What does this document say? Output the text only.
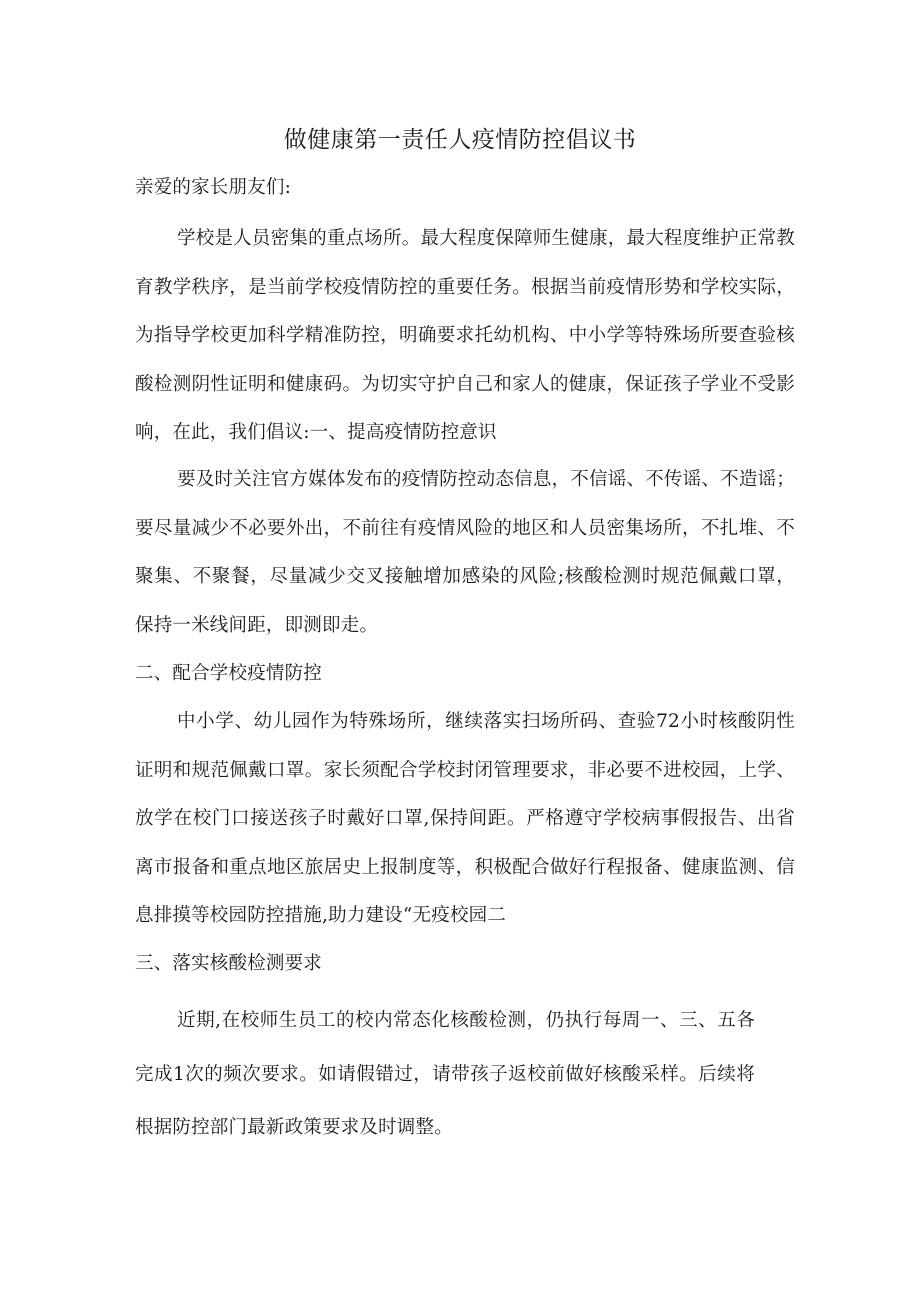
做健康第一责任人疫情防控倡议书

亲爱的家长朋友们:

学校是人员密集的重点场所。最大程度保障师生健康，最大程度维护正常教育教学秩序，是当前学校疫情防控的重要任务。根据当前疫情形势和学校实际，为指导学校更加科学精准防控，明确要求托幼机构、中小学等特殊场所要查验核酸检测阴性证明和健康码。为切实守护自己和家人的健康，保证孩子学业不受影响，在此，我们倡议:一、提高疫情防控意识

要及时关注官方媒体发布的疫情防控动态信息，不信谣、不传谣、不造谣；要尽量减少不必要外出，不前往有疫情风险的地区和人员密集场所，不扎堆、不聚集、不聚餐，尽量减少交叉接触增加感染的风险;核酸检测时规范佩戴口罩，保持一米线间距，即测即走。

二、配合学校疫情防控

中小学、幼儿园作为特殊场所，继续落实扫场所码、查验72小时核酸阴性证明和规范佩戴口罩。家长须配合学校封闭管理要求，非必要不进校园，上学、放学在校门口接送孩子时戴好口罩,保持间距。严格遵守学校病事假报告、出省离市报备和重点地区旅居史上报制度等，积极配合做好行程报备、健康监测、信息排摸等校园防控措施,助力建设“无疫校园二

三、落实核酸检测要求

近期,在校师生员工的校内常态化核酸检测，仍执行每周一、三、五各完成1次的频次要求。如请假错过，请带孩子返校前做好核酸采样。后续将根据防控部门最新政策要求及时调整。
